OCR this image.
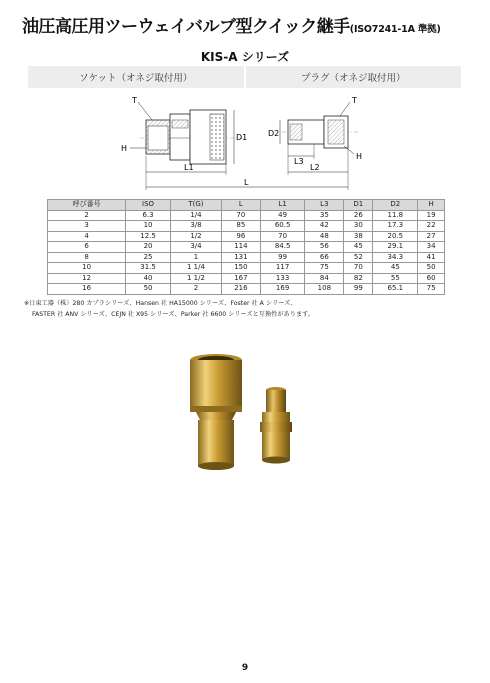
油圧高圧用ツーウェイバルブ型クイック継手(ISO7241-1A 準拠)
KIS-A シリーズ
ソケット（オネジ取付用）	プラグ（オネジ取付用）
T
H
D1	D2
L1
L
L3
L2
T
H
呼び番号	ISO	T(G)	L	L1	L3	D1	D2	H
2	6.3	1/4	70	49	35	26	11.8	19
3	10	3/8	85	60.5	42	30	17.3	22
4	12.5	1/2	96	70	48	38	20.5	27
6	20	3/4	114	84.5	56	45	29.1	34
8	25	1	131	99	66	52	34.3	41
10	31.5	1 1/4	150	117	75	70	45	50
12	40	1 1/2	167	133	84	82	55	60
16	50	2	216	169	108	99	65.1	75
※日東工器（株）280 カプラシリーズ、Hansen 社 HA15000 シリーズ、Foster 社 A シリーズ、
FASTER 社 ANV シリーズ、CEJN 社 X95 シリーズ、Parker 社 6600 シリーズと互換性があります。
9
